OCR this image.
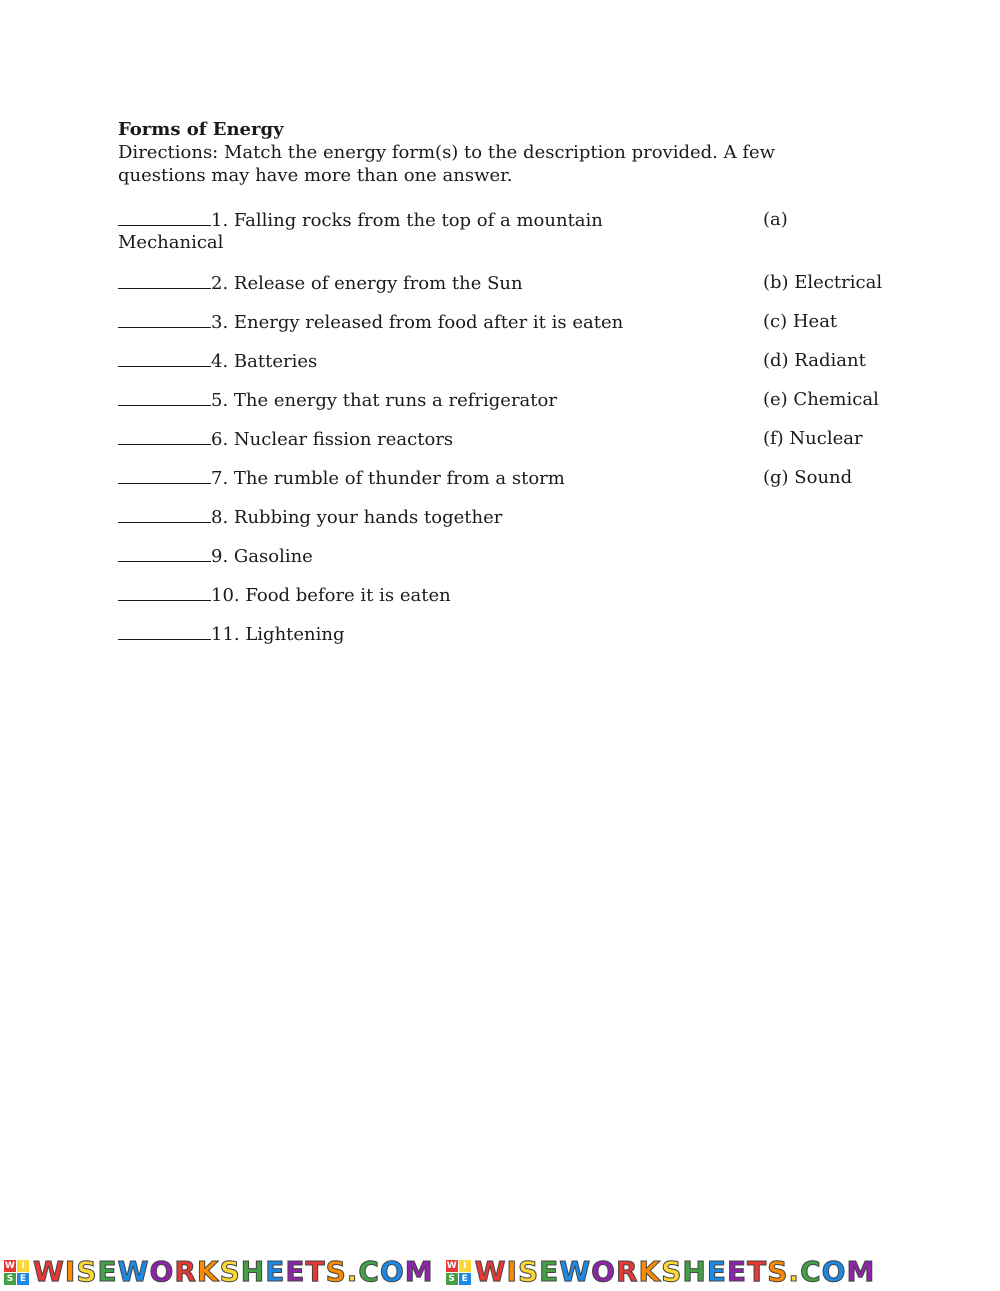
Forms of Energy
Directions: Match the energy form(s) to the description provided. A few questions may have more than one answer.
1. Falling rocks from the top of a mountain	(a)
Mechanical
2. Release of energy from the Sun	(b) Electrical
3. Energy released from food after it is eaten	(c) Heat
4. Batteries	(d) Radiant
5. The energy that runs a refrigerator	(e) Chemical
6. Nuclear fission reactors	(f) Nuclear
7. The rumble of thunder from a storm	(g) Sound
8. Rubbing your hands together
9. Gasoline
10. Food before it is eaten
11. Lightening
W I
S E WISEWORKSHEETS.COM W I
S E WISEWORKSHEETS.COM
